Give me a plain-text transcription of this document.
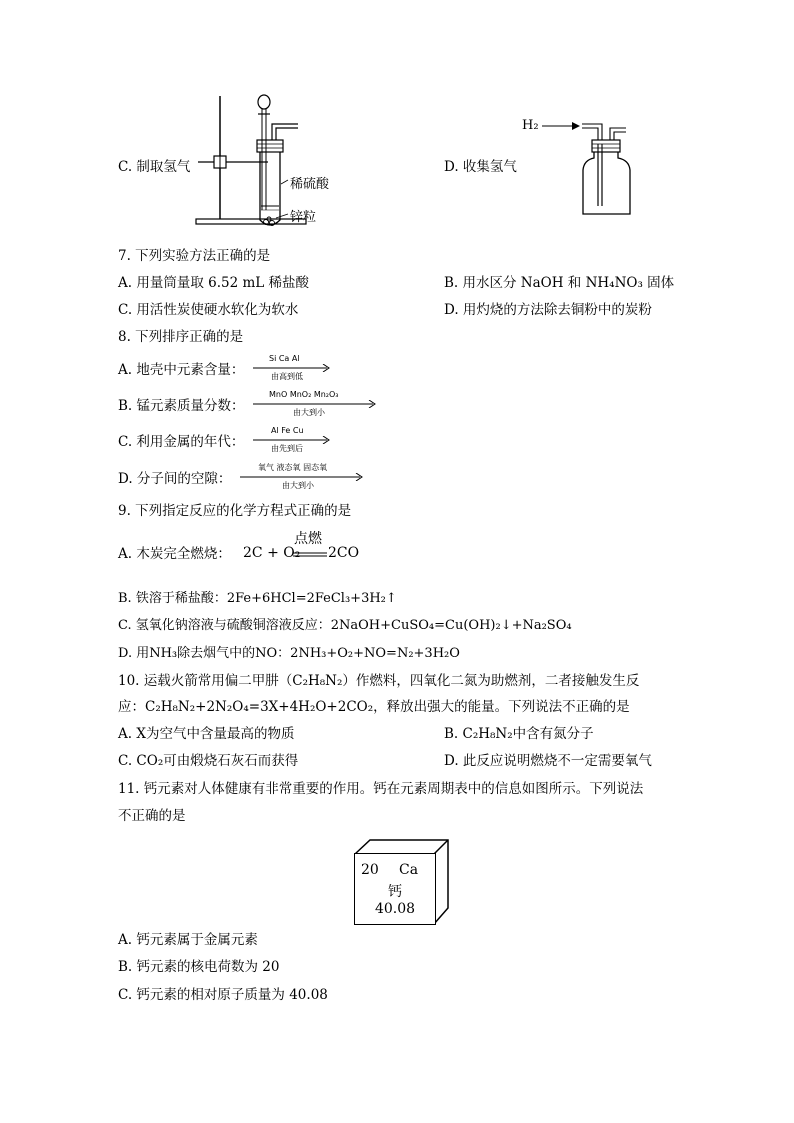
C. 制取氢气
稀硫酸
锌粒
D. 收集氢气
H₂
7. 下列实验方法正确的是
A. 用量筒量取 6.52 mL 稀盐酸	B. 用水区分 NaOH 和 NH₄NO₃ 固体
C. 用活性炭使硬水软化为软水	D. 用灼烧的方法除去铜粉中的炭粉
8. 下列排序正确的是
A. 地壳中元素含量：
Si Ca Al
由高到低
B. 锰元素质量分数：
MnO MnO₂ Mn₂O₃
由大到小
C. 利用金属的年代：
Al Fe Cu
由先到后
D. 分子间的空隙：
氧气 液态氧 固态氧
由大到小
9. 下列指定反应的化学方程式正确的是
A. 木炭完全燃烧： 2C + O₂
点燃
2CO
B. 铁溶于稀盐酸：2Fe+6HCl=2FeCl₃+3H₂↑
C. 氢氧化钠溶液与硫酸铜溶液反应：2NaOH+CuSO₄=Cu(OH)₂↓+Na₂SO₄
D. 用NH₃除去烟气中的NO：2NH₃+O₂+NO=N₂+3H₂O
10. 运载火箭常用偏二甲肼（C₂H₈N₂）作燃料，四氧化二氮为助燃剂，二者接触发生反
应：C₂H₈N₂+2N₂O₄=3X+4H₂O+2CO₂，释放出强大的能量。下列说法不正确的是
A. X为空气中含量最高的物质	B. C₂H₈N₂中含有氮分子
C. CO₂可由煅烧石灰石而获得	D. 此反应说明燃烧不一定需要氧气
11. 钙元素对人体健康有非常重要的作用。钙在元素周期表中的信息如图所示。下列说法
不正确的是
20 Ca
钙
40.08
A. 钙元素属于金属元素
B. 钙元素的核电荷数为 20
C. 钙元素的相对原子质量为 40.08
